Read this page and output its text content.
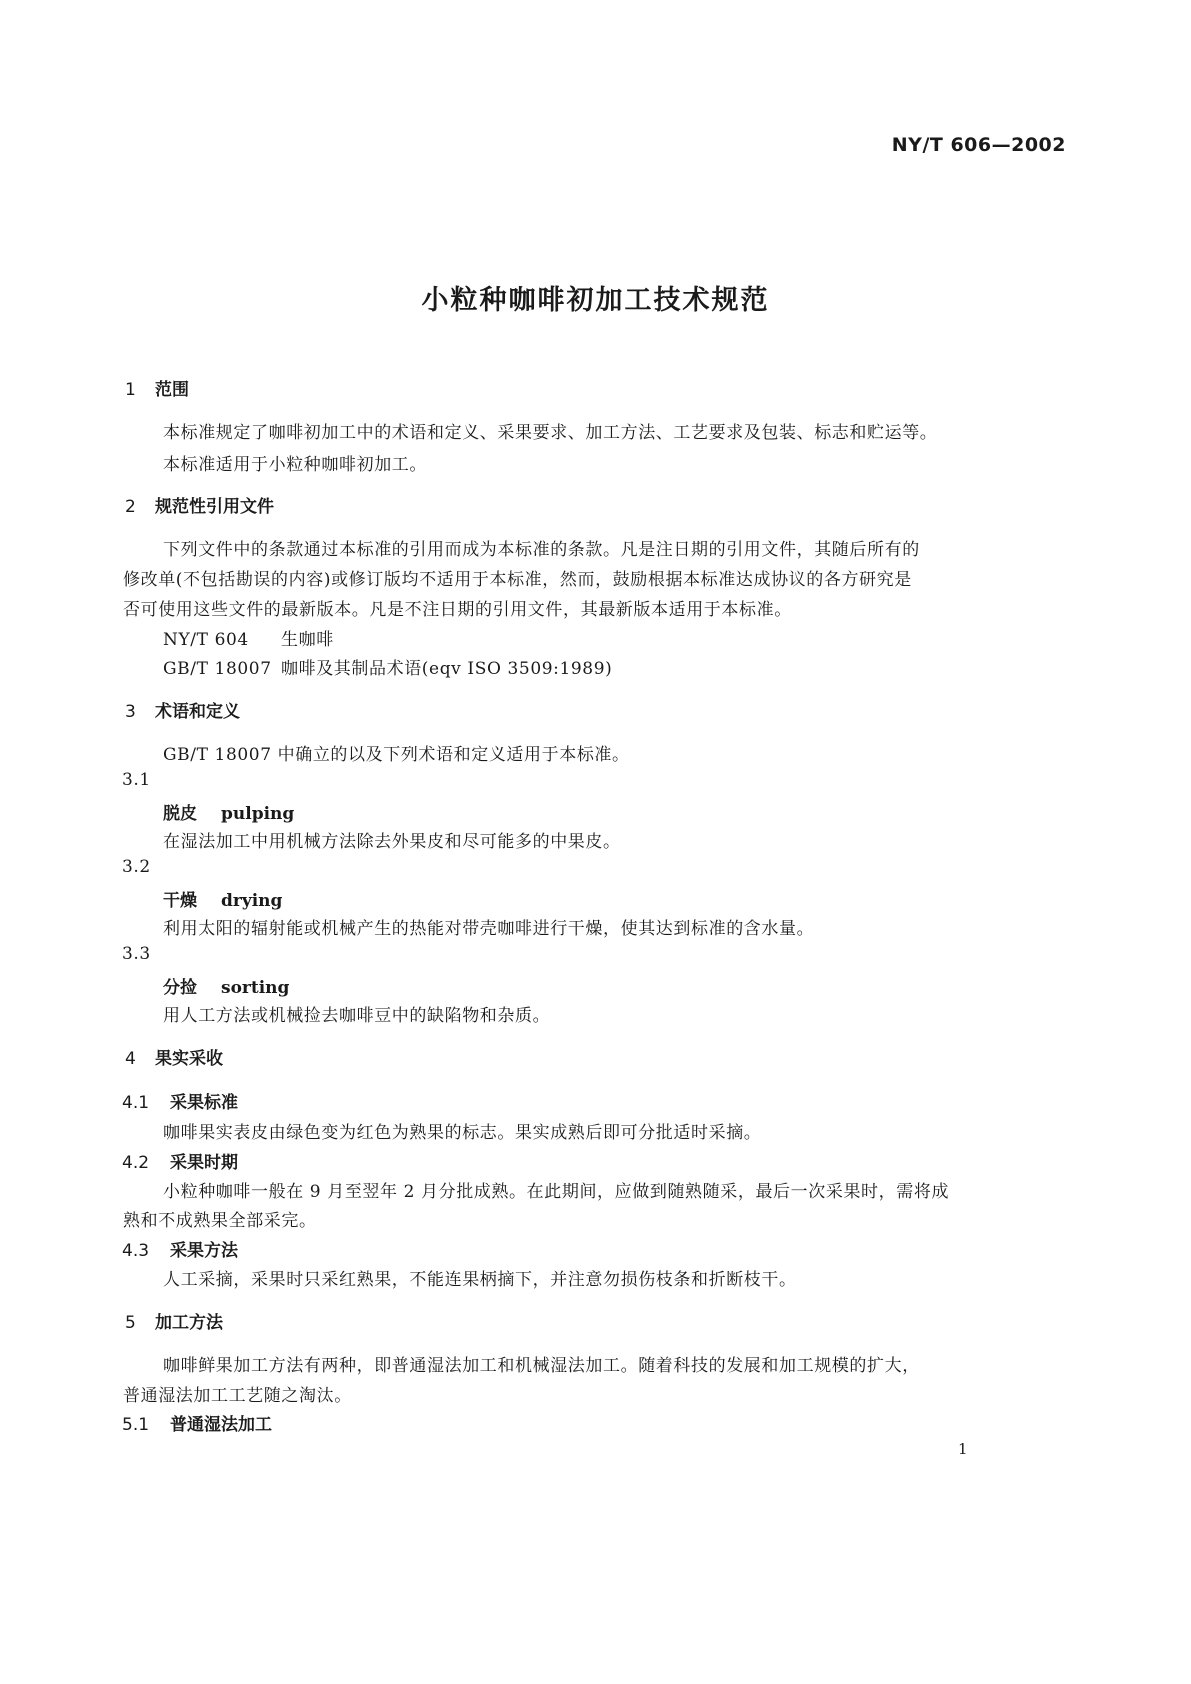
NY/T 606—2002
小粒种咖啡初加工技术规范
1 范围
本标准规定了咖啡初加工中的术语和定义、采果要求、加工方法、工艺要求及包装、标志和贮运等。
本标准适用于小粒种咖啡初加工。
2 规范性引用文件
下列文件中的条款通过本标准的引用而成为本标准的条款。凡是注日期的引用文件，其随后所有的
修改单(不包括勘误的内容)或修订版均不适用于本标准，然而，鼓励根据本标准达成协议的各方研究是
否可使用这些文件的最新版本。凡是不注日期的引用文件，其最新版本适用于本标准。
NY/T 604 生咖啡
GB/T 18007 咖啡及其制品术语(eqv ISO 3509:1989)
3 术语和定义
GB/T 18007 中确立的以及下列术语和定义适用于本标准。
3.1
脱皮 pulping
在湿法加工中用机械方法除去外果皮和尽可能多的中果皮。
3.2
干燥 drying
利用太阳的辐射能或机械产生的热能对带壳咖啡进行干燥，使其达到标准的含水量。
3.3
分捡 sorting
用人工方法或机械捡去咖啡豆中的缺陷物和杂质。
4 果实采收
4.1 采果标准
咖啡果实表皮由绿色变为红色为熟果的标志。果实成熟后即可分批适时采摘。
4.2 采果时期
小粒种咖啡一般在 9 月至翌年 2 月分批成熟。在此期间，应做到随熟随采，最后一次采果时，需将成
熟和不成熟果全部采完。
4.3 采果方法
人工采摘，采果时只采红熟果，不能连果柄摘下，并注意勿损伤枝条和折断枝干。
5 加工方法
咖啡鲜果加工方法有两种，即普通湿法加工和机械湿法加工。随着科技的发展和加工规模的扩大，
普通湿法加工工艺随之淘汰。
5.1 普通湿法加工
1
